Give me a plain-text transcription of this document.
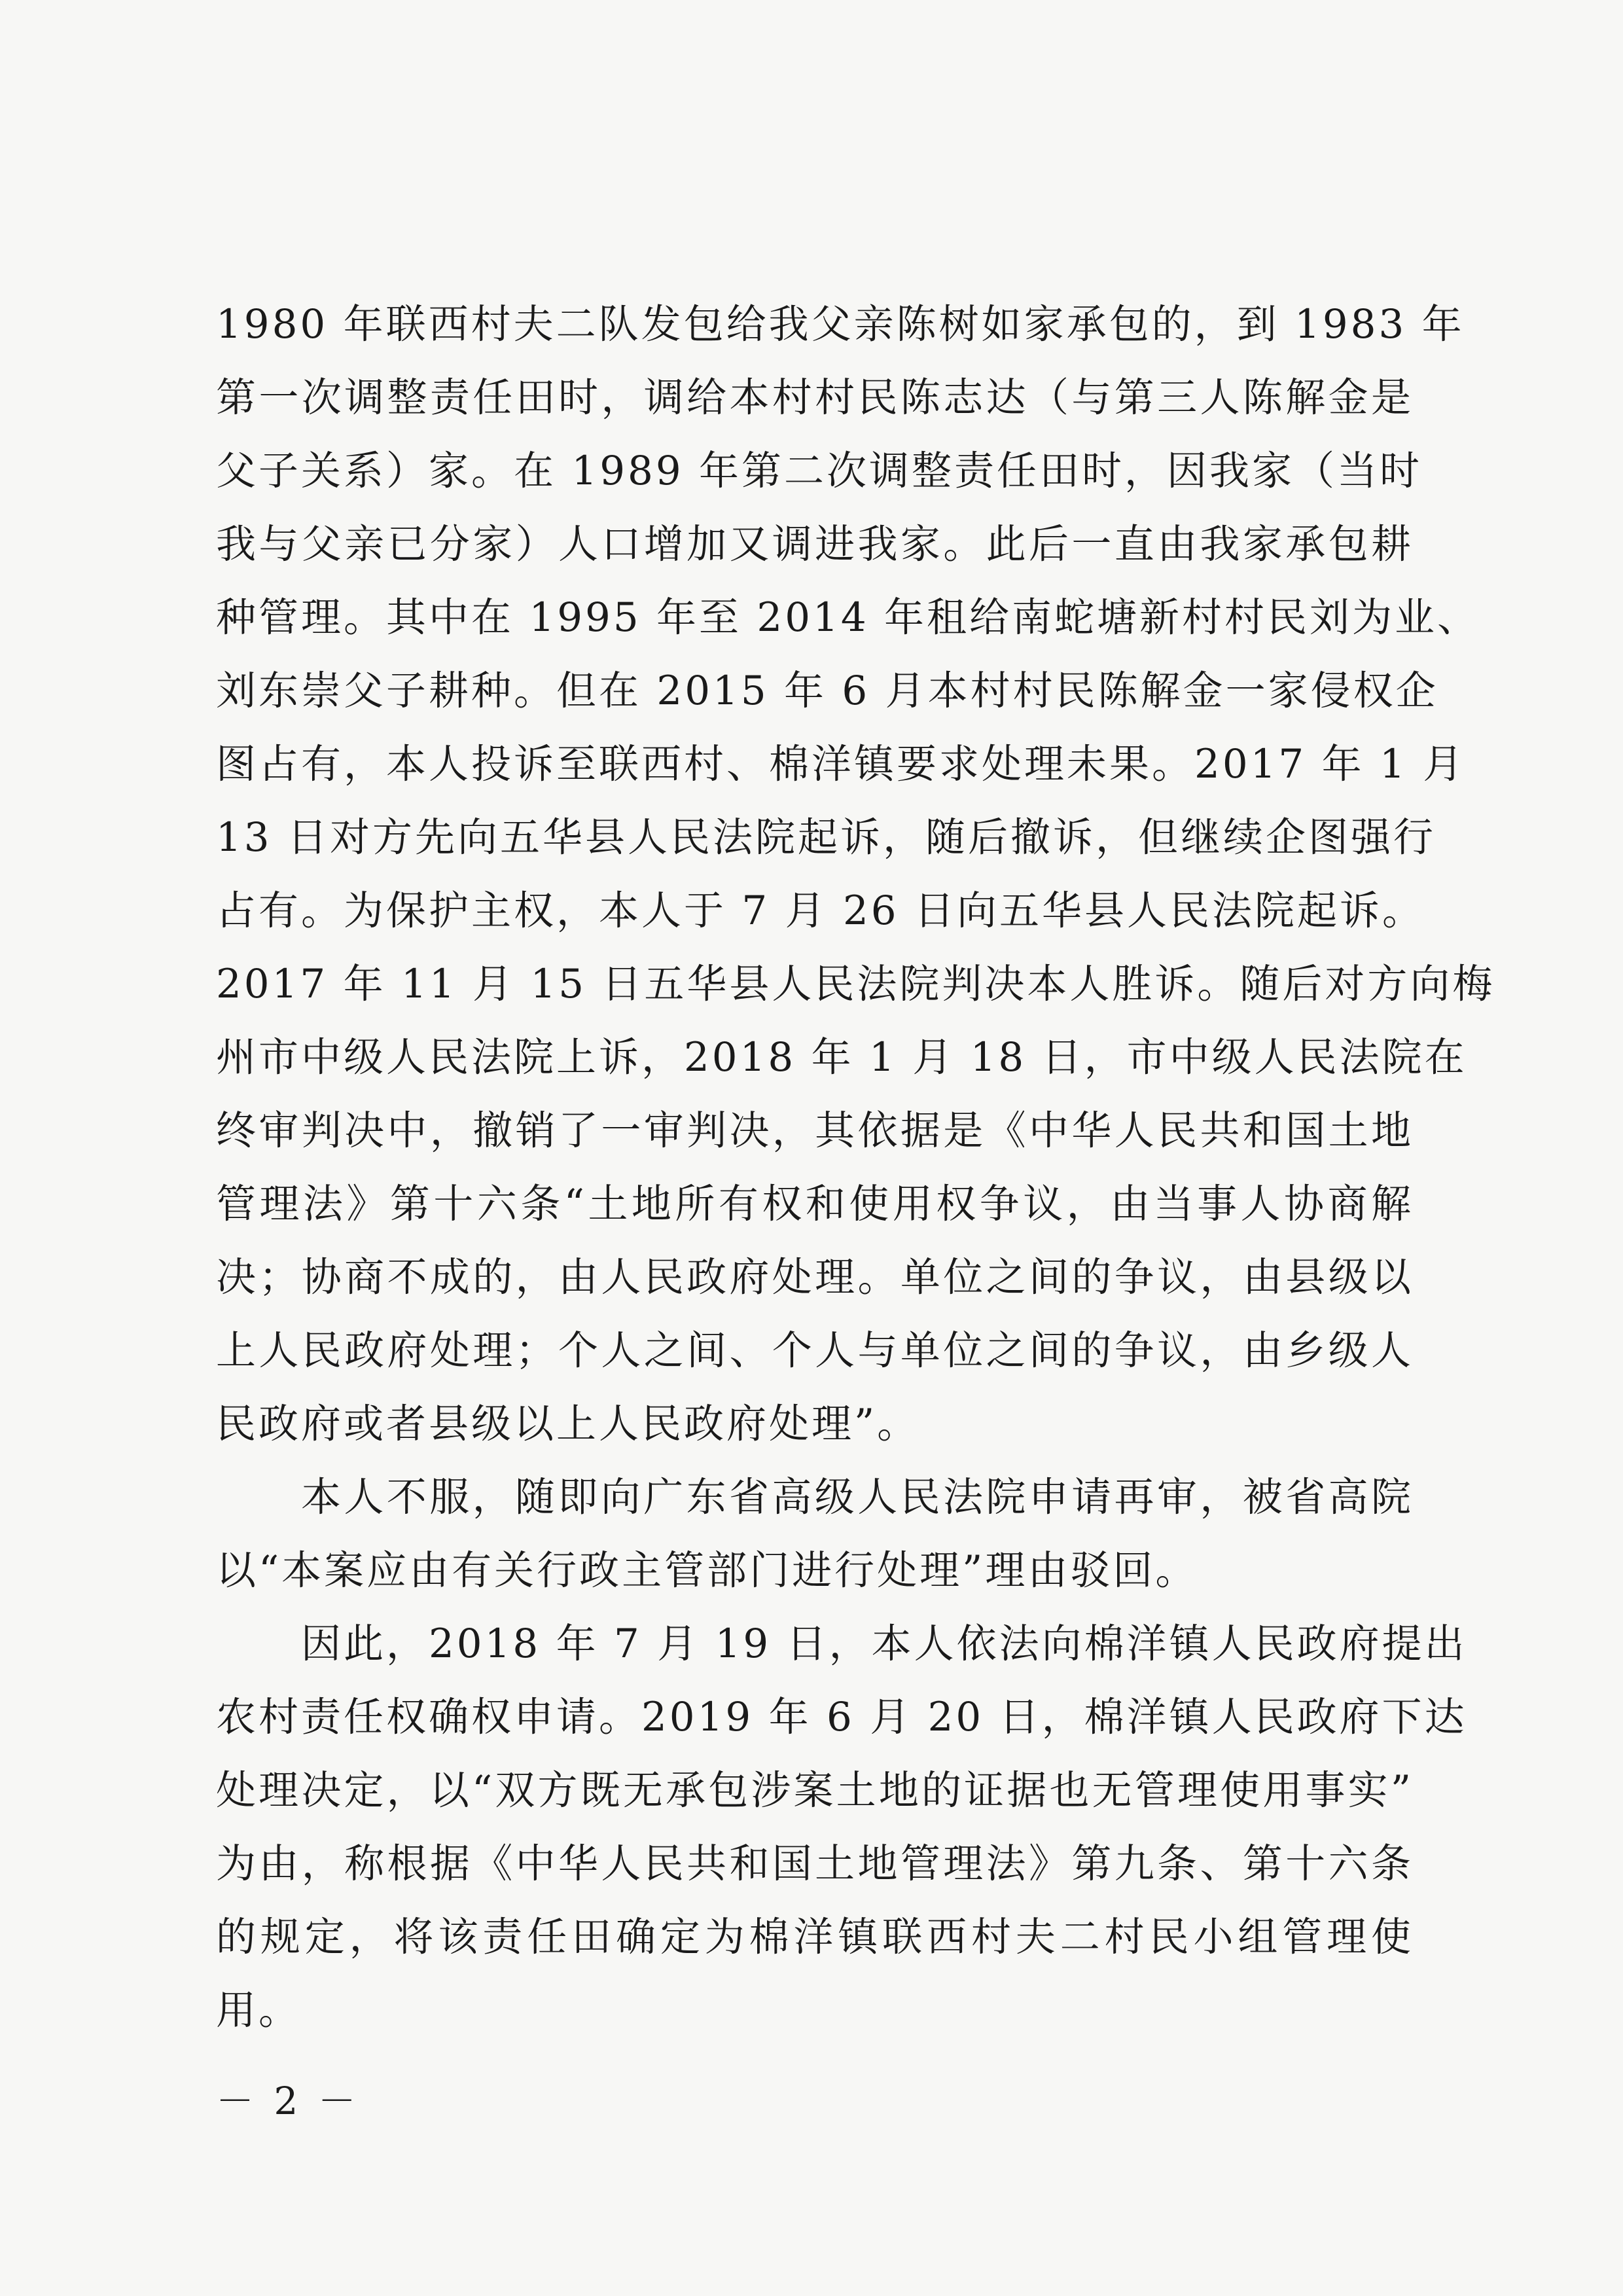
1980 年联西村夫二队发包给我父亲陈树如家承包的，到 1983 年
第一次调整责任田时，调给本村村民陈志达（与第三人陈解金是
父子关系）家。在 1989 年第二次调整责任田时，因我家（当时
我与父亲已分家）人口增加又调进我家。此后一直由我家承包耕
种管理。其中在 1995 年至 2014 年租给南蛇塘新村村民刘为业、
刘东崇父子耕种。但在 2015 年 6 月本村村民陈解金一家侵权企
图占有，本人投诉至联西村、棉洋镇要求处理未果。2017 年 1 月
13 日对方先向五华县人民法院起诉，随后撤诉，但继续企图强行
占有。为保护主权，本人于 7 月 26 日向五华县人民法院起诉。
2017 年 11 月 15 日五华县人民法院判决本人胜诉。随后对方向梅
州市中级人民法院上诉，2018 年 1 月 18 日，市中级人民法院在
终审判决中，撤销了一审判决，其依据是《中华人民共和国土地
管理法》第十六条“土地所有权和使用权争议，由当事人协商解
决；协商不成的，由人民政府处理。单位之间的争议，由县级以
上人民政府处理；个人之间、个人与单位之间的争议，由乡级人
民政府或者县级以上人民政府处理”。
本人不服，随即向广东省高级人民法院申请再审，被省高院
以“本案应由有关行政主管部门进行处理”理由驳回。
因此，2018 年 7 月 19 日，本人依法向棉洋镇人民政府提出
农村责任权确权申请。2019 年 6 月 20 日，棉洋镇人民政府下达
处理决定，以“双方既无承包涉案土地的证据也无管理使用事实”
为由，称根据《中华人民共和国土地管理法》第九条、第十六条
的规定，将该责任田确定为棉洋镇联西村夫二村民小组管理使
用。
－ 2 －
